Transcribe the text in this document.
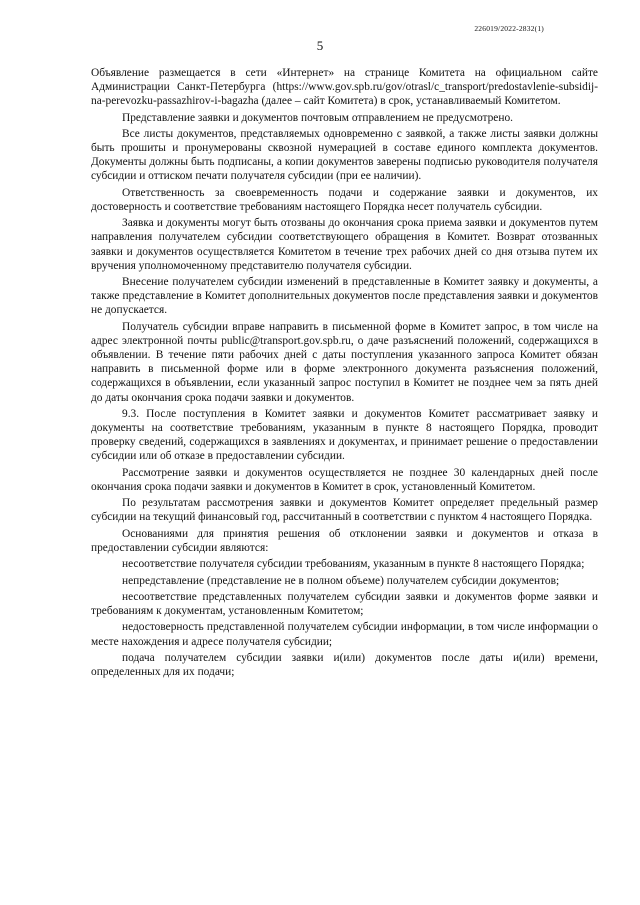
226019/2022-2832(1)
5

Объявление размещается в сети «Интернет» на странице Комитета на официальном сайте Администрации Санкт-Петербурга (https://www.gov.spb.ru/gov/otrasl/c_transport/predostavlenie-subsidij-na-perevozku-passazhirov-i-bagazha (далее – сайт Комитета) в срок, устанавливаемый Комитетом.

Представление заявки и документов почтовым отправлением не предусмотрено.

Все листы документов, представляемых одновременно с заявкой, а также листы заявки должны быть прошиты и пронумерованы сквозной нумерацией в составе единого комплекта документов. Документы должны быть подписаны, а копии документов заверены подписью руководителя получателя субсидии и оттиском печати получателя субсидии (при ее наличии).

Ответственность за своевременность подачи и содержание заявки и документов, их достоверность и соответствие требованиям настоящего Порядка несет получатель субсидии.

Заявка и документы могут быть отозваны до окончания срока приема заявки и документов путем направления получателем субсидии соответствующего обращения в Комитет. Возврат отозванных заявки и документов осуществляется Комитетом в течение трех рабочих дней со дня отзыва путем их вручения уполномоченному представителю получателя субсидии.

Внесение получателем субсидии изменений в представленные в Комитет заявку и документы, а также представление в Комитет дополнительных документов после представления заявки и документов не допускается.

Получатель субсидии вправе направить в письменной форме в Комитет запрос, в том числе на адрес электронной почты public@transport.gov.spb.ru, о даче разъяснений положений, содержащихся в объявлении. В течение пяти рабочих дней с даты поступления указанного запроса Комитет обязан направить в письменной форме или в форме электронного документа разъяснения положений, содержащихся в объявлении, если указанный запрос поступил в Комитет не позднее чем за пять дней до даты окончания срока подачи заявки и документов.

9.3. После поступления в Комитет заявки и документов Комитет рассматривает заявку и документы на соответствие требованиям, указанным в пункте 8 настоящего Порядка, проводит проверку сведений, содержащихся в заявлениях и документах, и принимает решение о предоставлении субсидии или об отказе в предоставлении субсидии.

Рассмотрение заявки и документов осуществляется не позднее 30 календарных дней после окончания срока подачи заявки и документов в Комитет в срок, установленный Комитетом.

По результатам рассмотрения заявки и документов Комитет определяет предельный размер субсидии на текущий финансовый год, рассчитанный в соответствии с пунктом 4 настоящего Порядка.

Основаниями для принятия решения об отклонении заявки и документов и отказа в предоставлении субсидии являются:

несоответствие получателя субсидии требованиям, указанным в пункте 8 настоящего Порядка;

непредставление (представление не в полном объеме) получателем субсидии документов;

несоответствие представленных получателем субсидии заявки и документов форме заявки и требованиям к документам, установленным Комитетом;

недостоверность представленной получателем субсидии информации, в том числе информации о месте нахождения и адресе получателя субсидии;

подача получателем субсидии заявки и(или) документов после даты и(или) времени, определенных для их подачи;
